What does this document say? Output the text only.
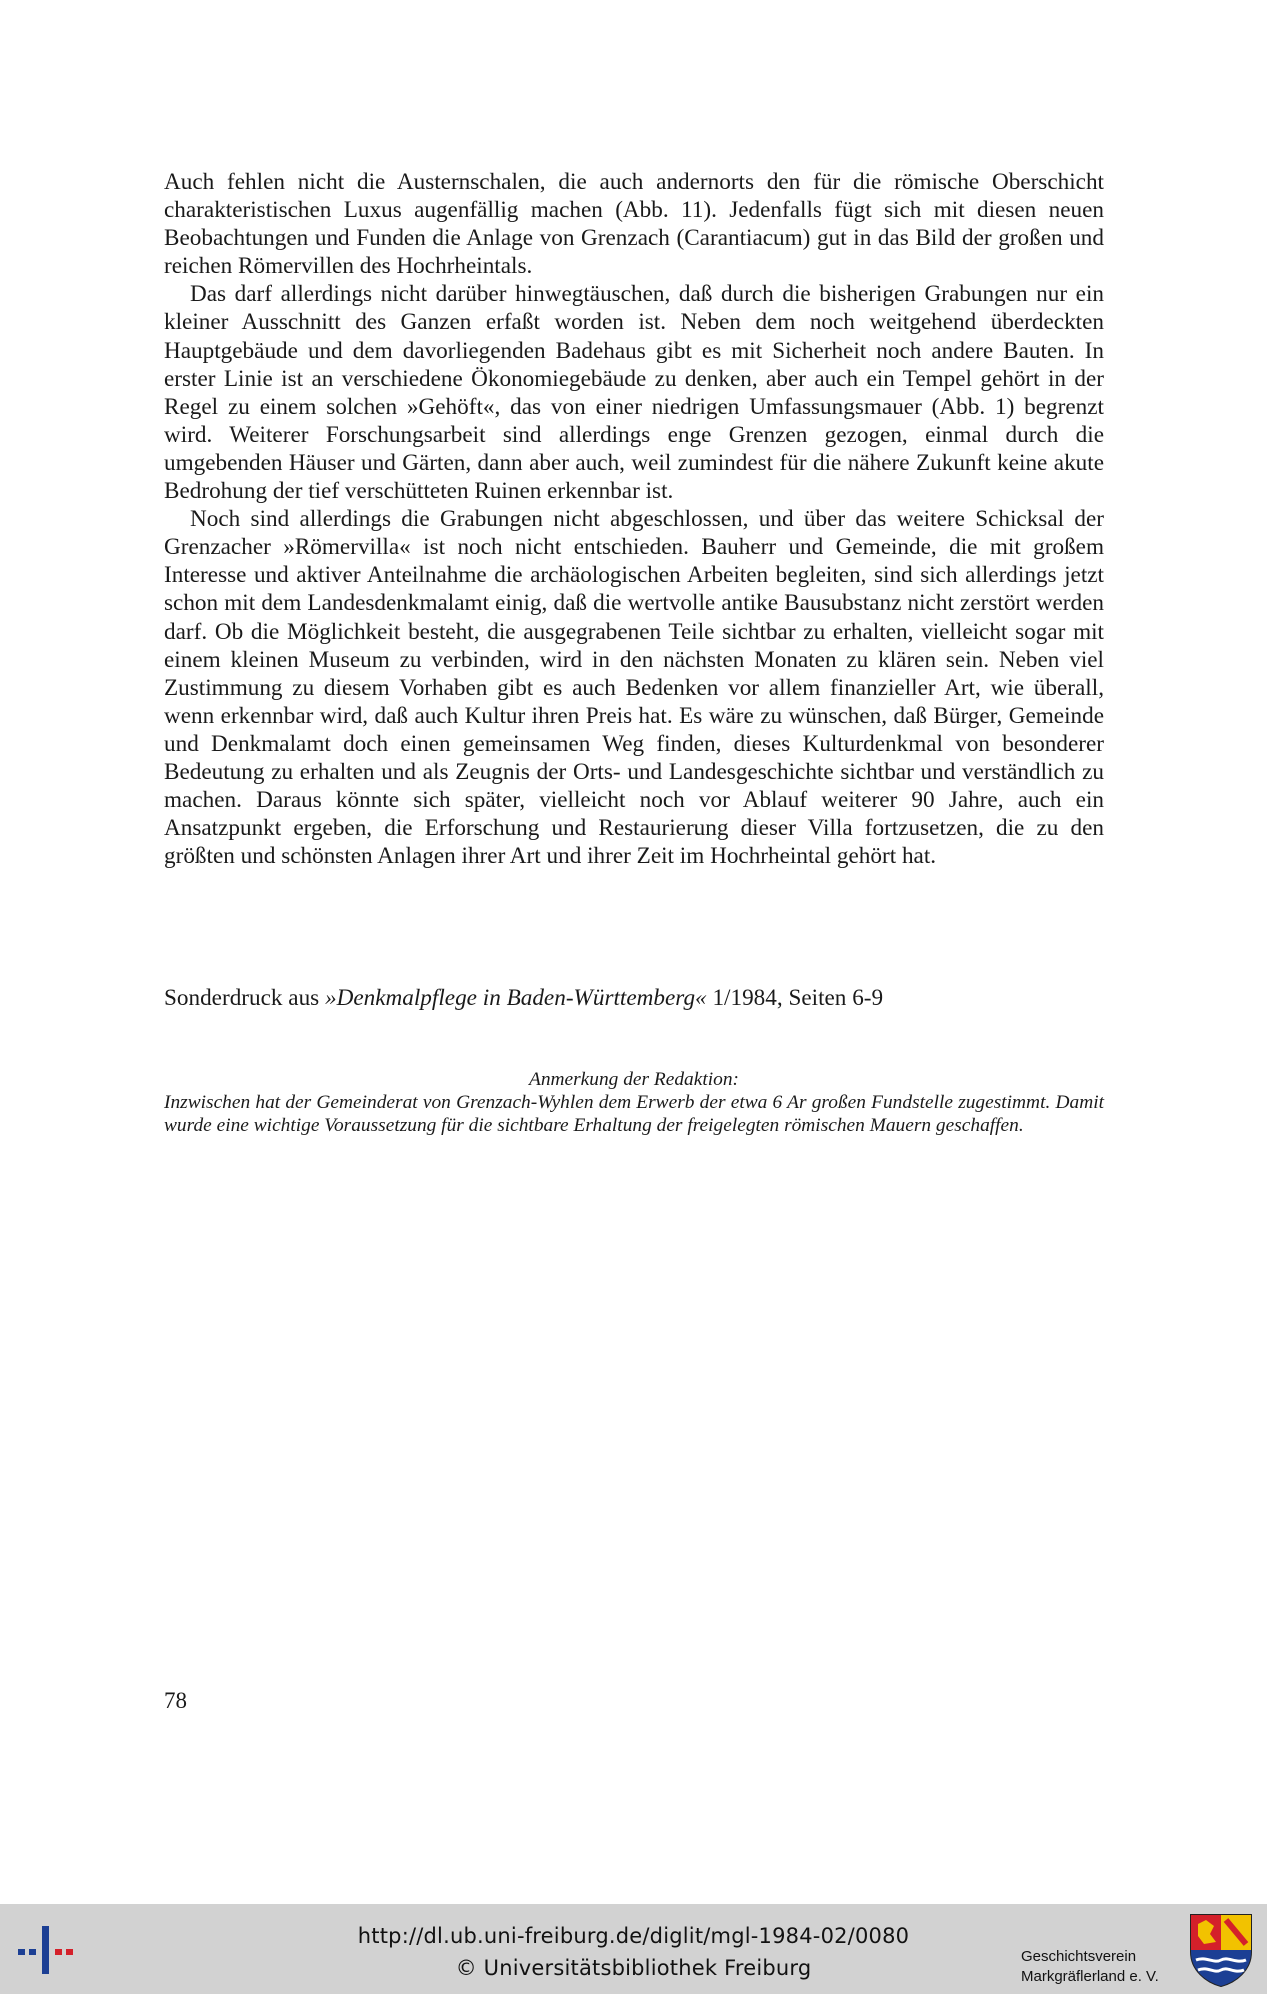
Auch fehlen nicht die Austernschalen, die auch andernorts den für die römische Oberschicht charakteristischen Luxus augenfällig machen (Abb. 11). Jedenfalls fügt sich mit diesen neuen Beobachtungen und Funden die Anlage von Grenzach (Carantiacum) gut in das Bild der großen und reichen Römervillen des Hochrheintals.

Das darf allerdings nicht darüber hinwegtäuschen, daß durch die bisherigen Grabungen nur ein kleiner Ausschnitt des Ganzen erfaßt worden ist. Neben dem noch weitgehend überdeckten Hauptgebäude und dem davorliegenden Badehaus gibt es mit Sicherheit noch andere Bauten. In erster Linie ist an verschiedene Ökonomiegebäude zu denken, aber auch ein Tempel gehört in der Regel zu einem solchen »Gehöft«, das von einer niedrigen Umfassungsmauer (Abb. 1) begrenzt wird. Weiterer Forschungsarbeit sind allerdings enge Grenzen gezogen, einmal durch die umgebenden Häuser und Gärten, dann aber auch, weil zumindest für die nähere Zukunft keine akute Bedrohung der tief verschütteten Ruinen erkennbar ist.

Noch sind allerdings die Grabungen nicht abgeschlossen, und über das weitere Schicksal der Grenzacher »Römervilla« ist noch nicht entschieden. Bauherr und Gemeinde, die mit großem Interesse und aktiver Anteilnahme die archäologischen Arbeiten begleiten, sind sich allerdings jetzt schon mit dem Landesdenkmalamt einig, daß die wertvolle antike Bausubstanz nicht zerstört werden darf. Ob die Möglichkeit besteht, die ausgegrabenen Teile sichtbar zu erhalten, vielleicht sogar mit einem kleinen Museum zu verbinden, wird in den nächsten Monaten zu klären sein. Neben viel Zustimmung zu diesem Vorhaben gibt es auch Bedenken vor allem finanzieller Art, wie überall, wenn erkennbar wird, daß auch Kultur ihren Preis hat. Es wäre zu wünschen, daß Bürger, Gemeinde und Denkmalamt doch einen gemeinsamen Weg finden, dieses Kulturdenkmal von besonderer Bedeutung zu erhalten und als Zeugnis der Orts- und Landesgeschichte sichtbar und verständlich zu machen. Daraus könnte sich später, vielleicht noch vor Ablauf weiterer 90 Jahre, auch ein Ansatzpunkt ergeben, die Erforschung und Restaurierung dieser Villa fortzusetzen, die zu den größten und schönsten Anlagen ihrer Art und ihrer Zeit im Hochrheintal gehört hat.

Sonderdruck aus »Denkmalpflege in Baden-Württemberg« 1/1984, Seiten 6-9
Anmerkung der Redaktion:
Inzwischen hat der Gemeinderat von Grenzach-Wyhlen dem Erwerb der etwa 6 Ar großen Fundstelle zugestimmt. Damit wurde eine wichtige Voraussetzung für die sichtbare Erhaltung der freigelegten römischen Mauern geschaffen.
78
http://dl.ub.uni-freiburg.de/diglit/mgl-1984-02/0080
© Universitätsbibliothek Freiburg	Geschichtsverein
Markgräflerland e. V.
